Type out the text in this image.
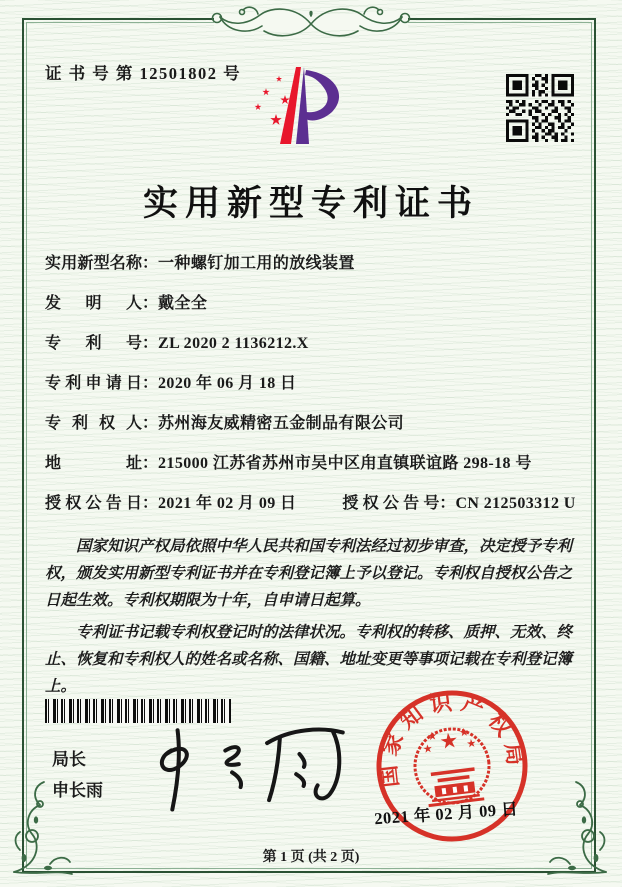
证 书 号 第 12501802 号
实用新型专利证书
实用新型名称：一种螺钉加工用的放线装置
发明人：戴全全
专利号：ZL 2020 2 1136212.X
专利申请日：2020 年 06 月 18 日
专利权人：苏州海友威精密五金制品有限公司
地址：215000 江苏省苏州市吴中区甪直镇联谊路 298-18 号
授权公告日：2021 年 02 月 09 日	授权公告号：CN 212503312 U

国家知识产权局依照中华人民共和国专利法经过初步审查，决定授予专利权，颁发实用新型专利证书并在专利登记簿上予以登记。专利权自授权公告之日起生效。专利权期限为十年，自申请日起算。

专利证书记载专利权登记时的法律状况。专利权的转移、质押、无效、终止、恢复和专利权人的姓名或名称、国籍、地址变更等事项记载在专利登记簿上。

局长
申长雨
国家知识产权局
2021 年 02 月 09 日
第 1 页 (共 2 页)
